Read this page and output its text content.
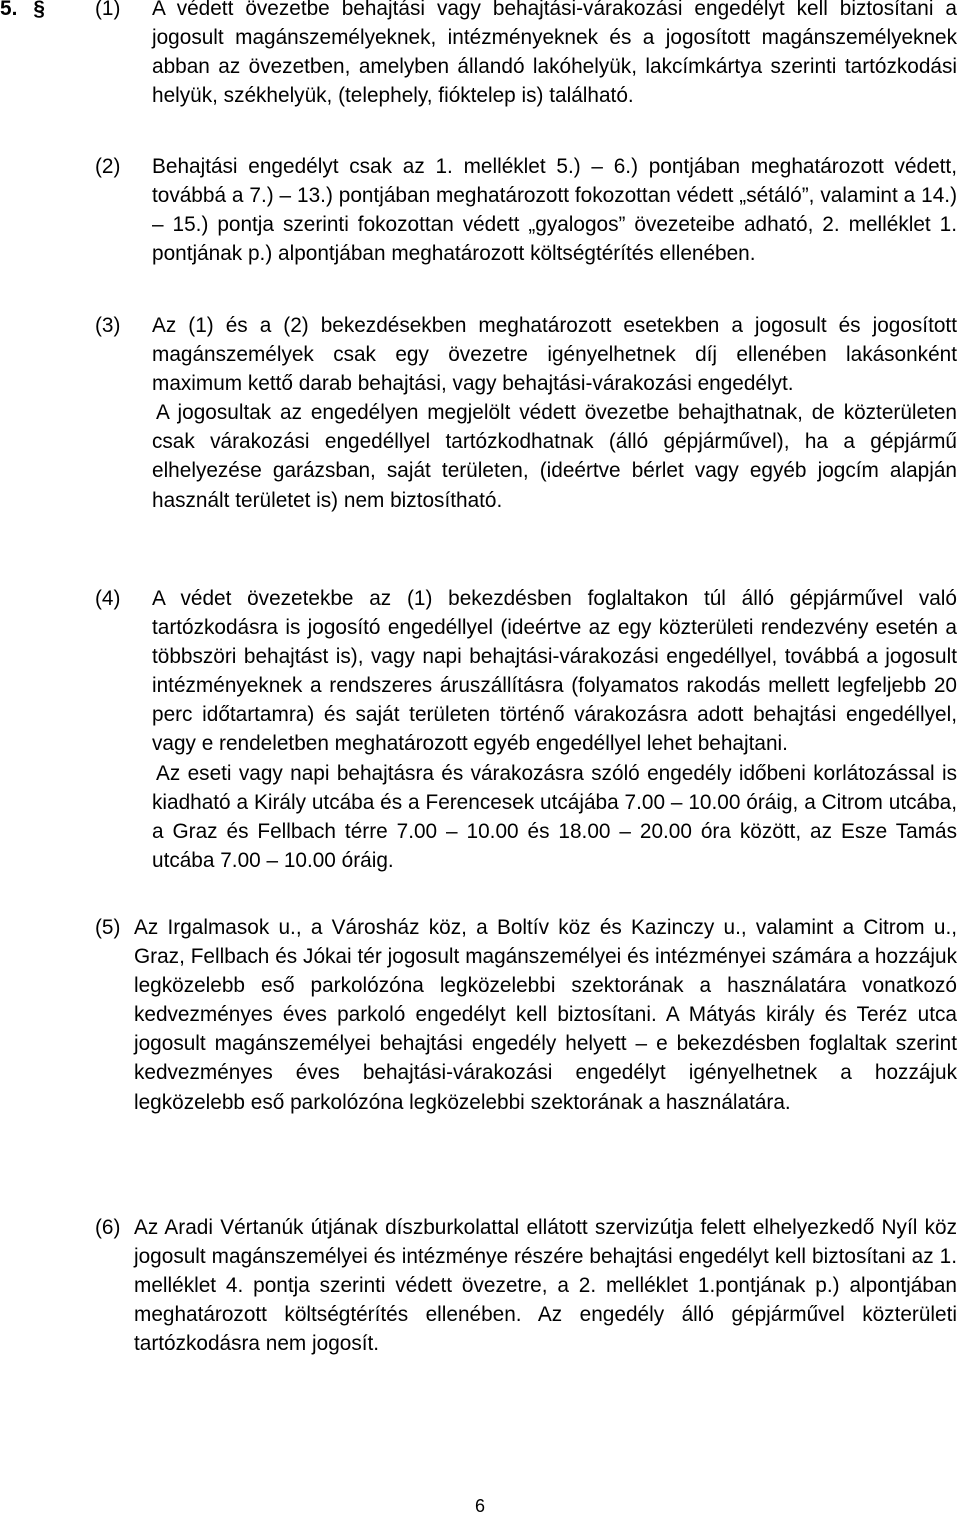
5. § (1) A védett övezetbe behajtási vagy behajtási-várakozási engedélyt kell biztosítani a jogosult magánszemélyeknek, intézményeknek és a jogosított magánszemélyeknek abban az övezetben, amelyben állandó lakóhelyük, lakcímkártya szerinti tartózkodási helyük, székhelyük, (telephely, fióktelep is) található.

(2) Behajtási engedélyt csak az 1. melléklet 5.) – 6.) pontjában meghatározott védett, továbbá a 7.) – 13.) pontjában meghatározott fokozottan védett „sétáló”, valamint a 14.) – 15.) pontja szerinti fokozottan védett „gyalogos” övezeteibe adható, 2. melléklet 1. pontjának p.) alpontjában meghatározott költségtérítés ellenében.

(3) Az (1) és a (2) bekezdésekben meghatározott esetekben a jogosult és jogosított magánszemélyek csak egy övezetre igényelhetnek díj ellenében lakásonként maximum kettő darab behajtási, vagy behajtási-várakozási engedélyt.

A jogosultak az engedélyen megjelölt védett övezetbe behajthatnak, de közterületen csak várakozási engedéllyel tartózkodhatnak (álló gépjárművel), ha a gépjármű elhelyezése garázsban, saját területen, (ideértve bérlet vagy egyéb jogcím alapján használt területet is) nem biztosítható.

(4) A védet övezetekbe az (1) bekezdésben foglaltakon túl álló gépjárművel való tartózkodásra is jogosító engedéllyel (ideértve az egy közterületi rendezvény esetén a többszöri behajtást is), vagy napi behajtási-várakozási engedéllyel, továbbá a jogosult intézményeknek a rendszeres áruszállításra (folyamatos rakodás mellett legfeljebb 20 perc időtartamra) és saját területen történő várakozásra adott behajtási engedéllyel, vagy e rendeletben meghatározott egyéb engedéllyel lehet behajtani.

Az eseti vagy napi behajtásra és várakozásra szóló engedély időbeni korlátozással is kiadható a Király utcába és a Ferencesek utcájába 7.00 – 10.00 óráig, a Citrom utcába, a Graz és Fellbach térre 7.00 – 10.00 és 18.00 – 20.00 óra között, az Esze Tamás utcába 7.00 – 10.00 óráig.

(5) Az Irgalmasok u., a Városház köz, a Boltív köz és Kazinczy u., valamint a Citrom u., Graz, Fellbach és Jókai tér jogosult magánszemélyei és intézményei számára a hozzájuk legközelebb eső parkolózóna legközelebbi szektorának a használatára vonatkozó kedvezményes éves parkoló engedélyt kell biztosítani. A Mátyás király és Teréz utca jogosult magánszemélyei behajtási engedély helyett – e bekezdésben foglaltak szerint kedvezményes éves behajtási-várakozási engedélyt igényelhetnek a hozzájuk legközelebb eső parkolózóna legközelebbi szektorának a használatára.

(6) Az Aradi Vértanúk útjának díszburkolattal ellátott szervizútja felett elhelyezkedő Nyíl köz jogosult magánszemélyei és intézménye részére behajtási engedélyt kell biztosítani az 1. melléklet 4. pontja szerinti védett övezetre, a 2. melléklet 1.pontjának p.) alpontjában meghatározott költségtérítés ellenében. Az engedély álló gépjárművel közterületi tartózkodásra nem jogosít.

6
